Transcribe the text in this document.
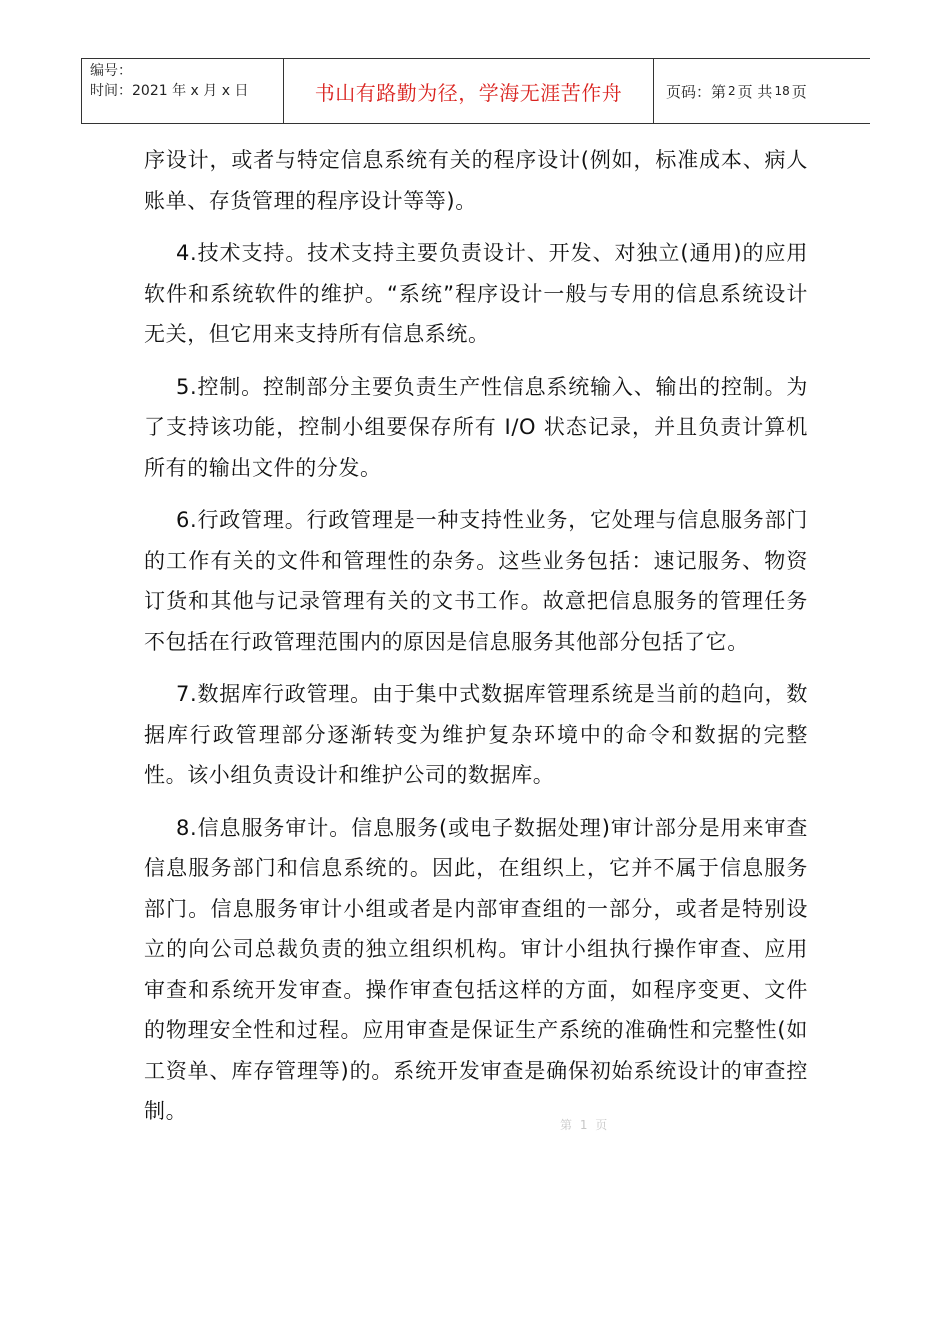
编号：
时间：2021 年 x 月 x 日	书山有路勤为径，学海无涯苦作舟	页码：第 2 页 共 18 页

序设计，或者与特定信息系统有关的程序设计(例如，标准成本、病人账单、存货管理的程序设计等等)。

4.技术支持。技术支持主要负责设计、开发、对独立(通用)的应用软件和系统软件的维护。“系统”程序设计一般与专用的信息系统设计无关，但它用来支持所有信息系统。

5.控制。控制部分主要负责生产性信息系统输入、输出的控制。为了支持该功能，控制小组要保存所有 I/O 状态记录，并且负责计算机所有的输出文件的分发。

6.行政管理。行政管理是一种支持性业务，它处理与信息服务部门的工作有关的文件和管理性的杂务。这些业务包括：速记服务、物资订货和其他与记录管理有关的文书工作。故意把信息服务的管理任务不包括在行政管理范围内的原因是信息服务其他部分包括了它。

7.数据库行政管理。由于集中式数据库管理系统是当前的趋向，数据库行政管理部分逐渐转变为维护复杂环境中的命令和数据的完整性。该小组负责设计和维护公司的数据库。

8.信息服务审计。信息服务(或电子数据处理)审计部分是用来审查信息服务部门和信息系统的。因此，在组织上，它并不属于信息服务部门。信息服务审计小组或者是内部审查组的一部分，或者是特别设立的向公司总裁负责的独立组织机构。审计小组执行操作审查、应用审查和系统开发审查。操作审查包括这样的方面，如程序变更、文件的物理安全性和过程。应用审查是保证生产系统的准确性和完整性(如工资单、库存管理等)的。系统开发审查是确保初始系统设计的审查控制。

第 1 页
